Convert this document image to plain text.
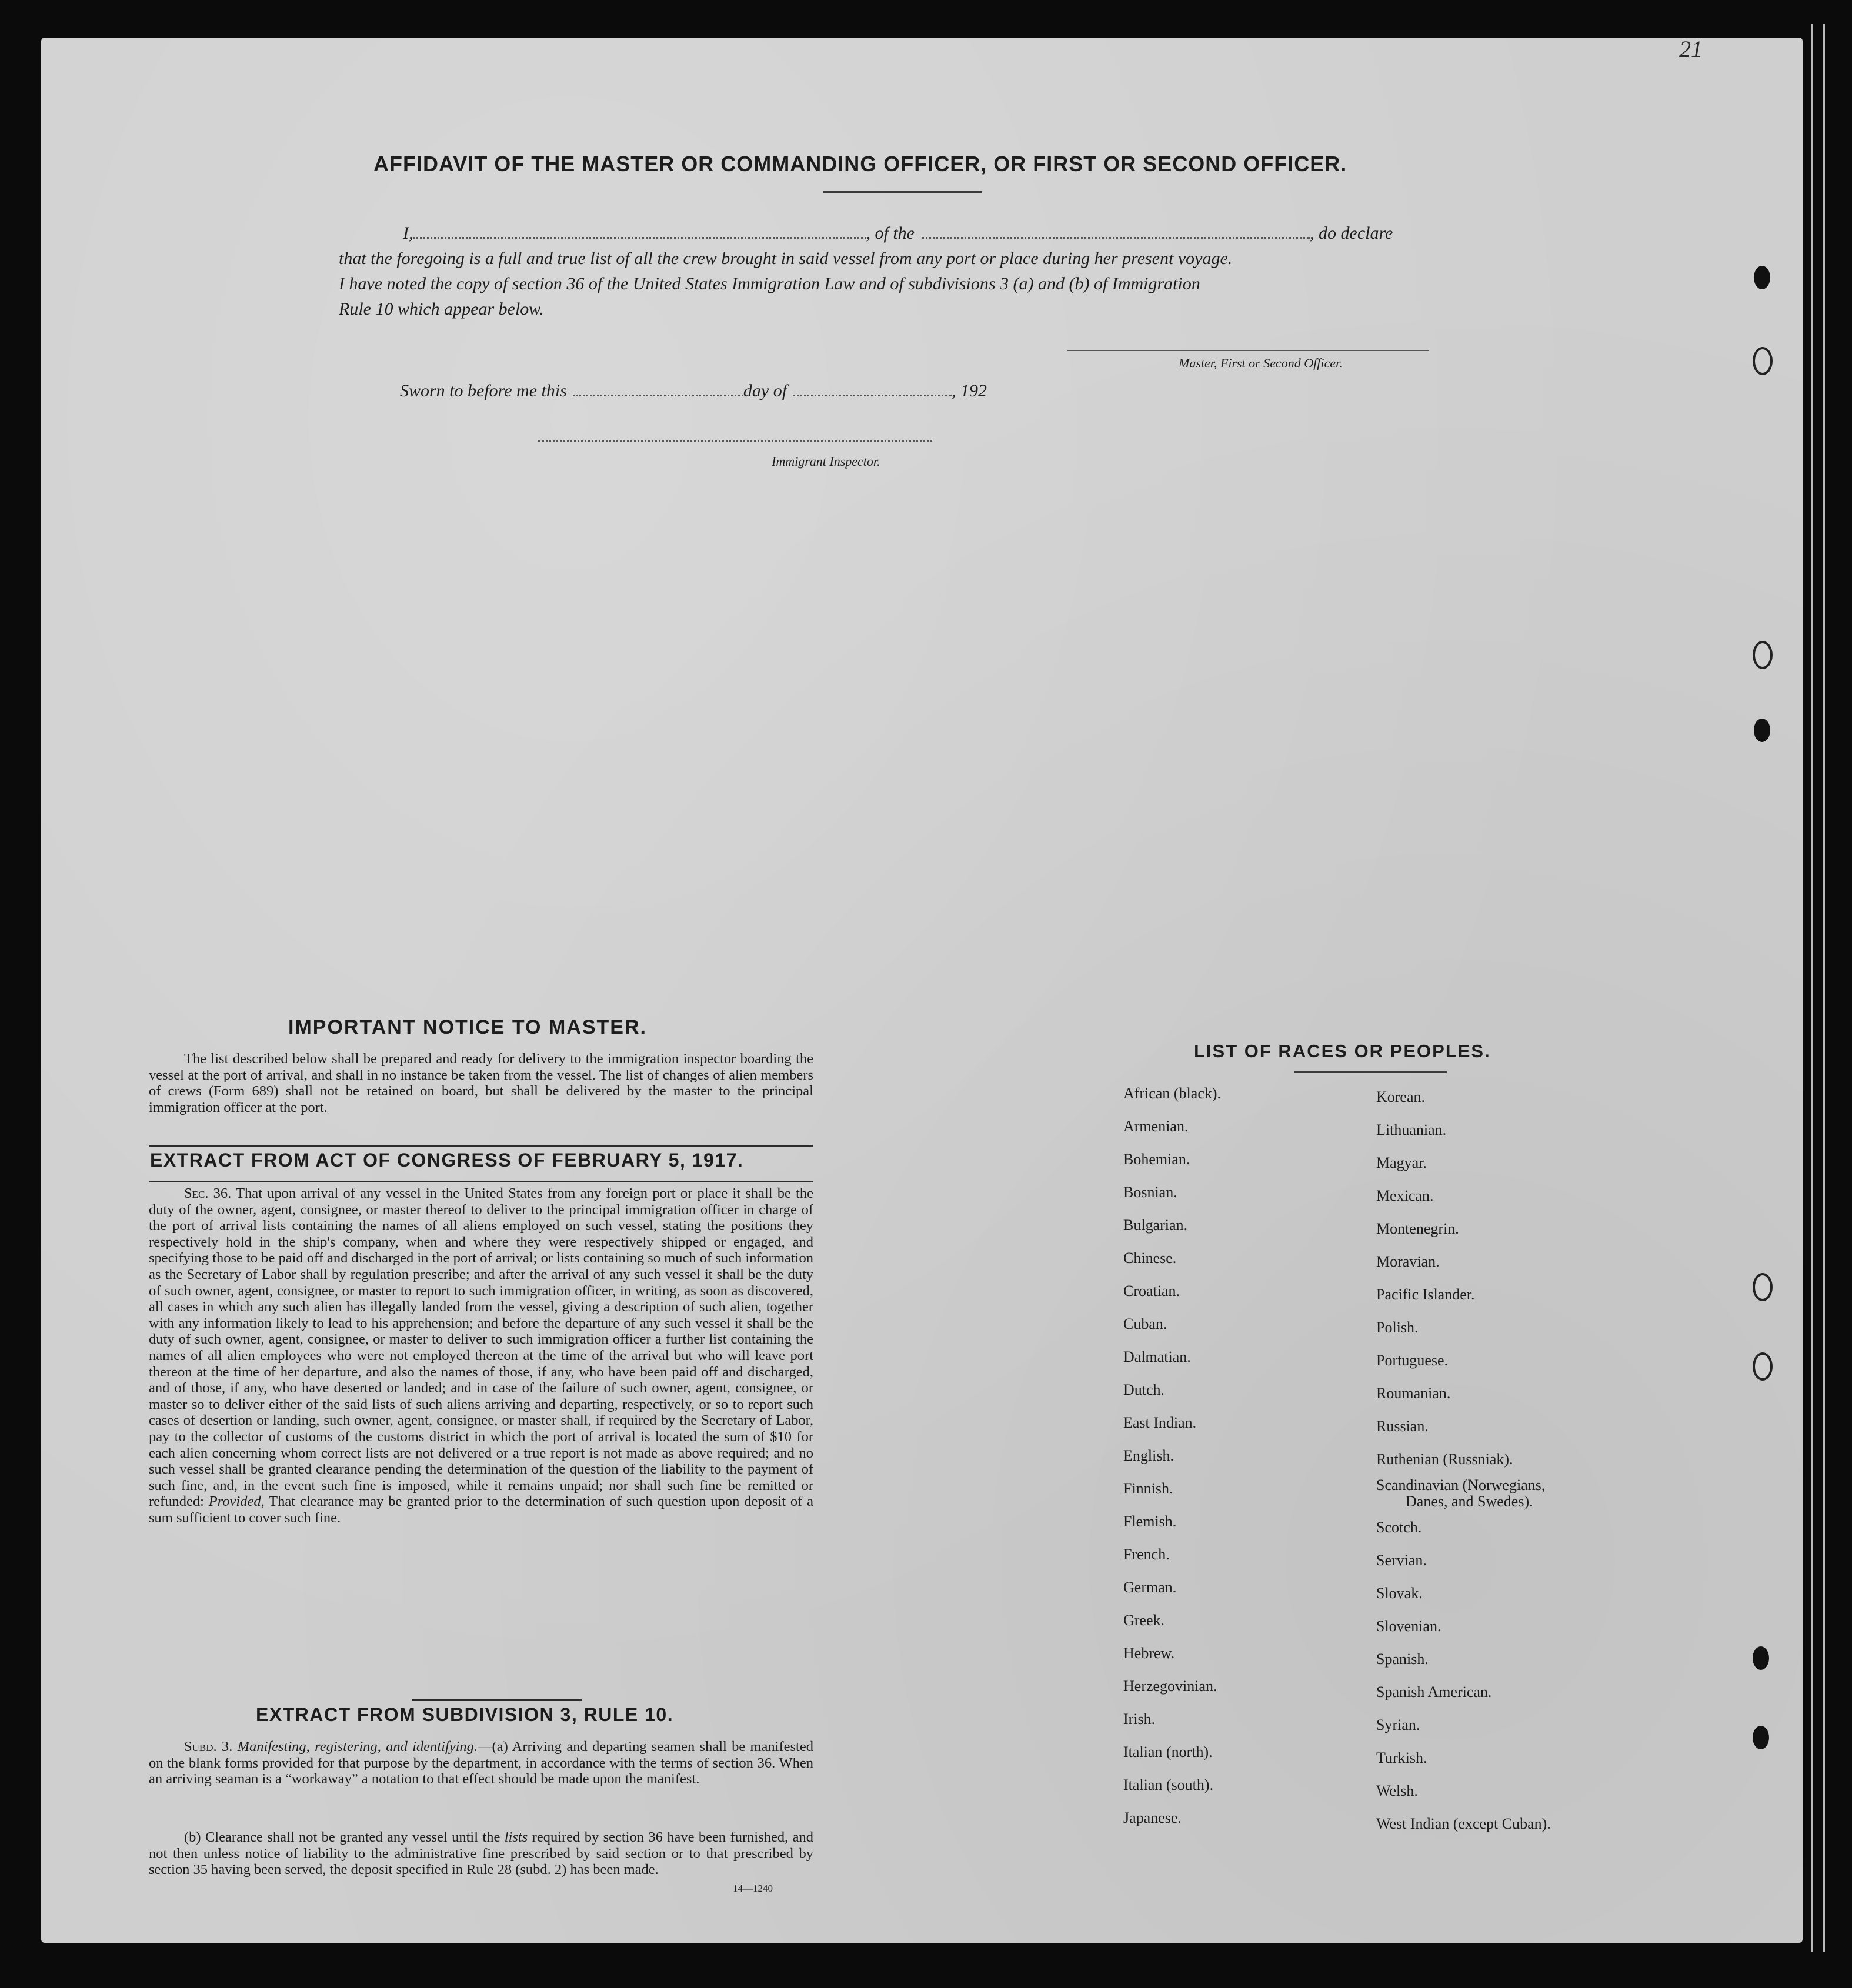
21
AFFIDAVIT OF THE MASTER OR COMMANDING OFFICER, OR FIRST OR SECOND OFFICER.
I,	, of the	, do declare
that the foregoing is a full and true list of all the crew brought in said vessel from any port or place during her present voyage.
I have noted the copy of section 36 of the United States Immigration Law and of subdivisions 3 (a) and (b) of Immigration
Rule 10 which appear below.
Master, First or Second Officer.
Sworn to before me this	day of	, 192
Immigrant Inspector.
IMPORTANT NOTICE TO MASTER.
The list described below shall be prepared and ready for delivery to the immigration inspector boarding the vessel at the port of arrival, and shall in no instance be taken from the vessel. The list of changes of alien members of crews (Form 689) shall not be retained on board, but shall be delivered by the master to the principal immigration officer at the port.
EXTRACT FROM ACT OF CONGRESS OF FEBRUARY 5, 1917.
Sec. 36. That upon arrival of any vessel in the United States from any foreign port or place it shall be the duty of the owner, agent, consignee, or master thereof to deliver to the principal immigration officer in charge of the port of arrival lists containing the names of all aliens employed on such vessel, stating the positions they respectively hold in the ship's company, when and where they were respectively shipped or engaged, and specifying those to be paid off and discharged in the port of arrival; or lists containing so much of such information as the Secretary of Labor shall by regulation prescribe; and after the arrival of any such vessel it shall be the duty of such owner, agent, consignee, or master to report to such immigration officer, in writing, as soon as discovered, all cases in which any such alien has illegally landed from the vessel, giving a description of such alien, together with any information likely to lead to his apprehension; and before the departure of any such vessel it shall be the duty of such owner, agent, consignee, or master to deliver to such immigration officer a further list containing the names of all alien employees who were not employed thereon at the time of the arrival but who will leave port thereon at the time of her departure, and also the names of those, if any, who have been paid off and discharged, and of those, if any, who have deserted or landed; and in case of the failure of such owner, agent, consignee, or master so to deliver either of the said lists of such aliens arriving and departing, respectively, or so to report such cases of desertion or landing, such owner, agent, consignee, or master shall, if required by the Secretary of Labor, pay to the collector of customs of the customs district in which the port of arrival is located the sum of $10 for each alien concerning whom correct lists are not delivered or a true report is not made as above required; and no such vessel shall be granted clearance pending the determination of the question of the liability to the payment of such fine, and, in the event such fine is imposed, while it remains unpaid; nor shall such fine be remitted or refunded: Provided, That clearance may be granted prior to the determination of such question upon deposit of a sum sufficient to cover such fine.
EXTRACT FROM SUBDIVISION 3, RULE 10.
Subd. 3. Manifesting, registering, and identifying.—(a) Arriving and departing seamen shall be manifested on the blank forms provided for that purpose by the department, in accordance with the terms of section 36. When an arriving seaman is a “workaway” a notation to that effect should be made upon the manifest.
(b) Clearance shall not be granted any vessel until the lists required by section 36 have been furnished, and not then unless notice of liability to the administrative fine prescribed by said section or to that prescribed by section 35 having been served, the deposit specified in Rule 28 (subd. 2) has been made.
14—1240
LIST OF RACES OR PEOPLES.
African (black).
Armenian.
Bohemian.
Bosnian.
Bulgarian.
Chinese.
Croatian.
Cuban.
Dalmatian.
Dutch.
East Indian.
English.
Finnish.
Flemish.
French.
German.
Greek.
Hebrew.
Herzegovinian.
Irish.
Italian (north).
Italian (south).
Japanese.
Korean.
Lithuanian.
Magyar.
Mexican.
Montenegrin.
Moravian.
Pacific Islander.
Polish.
Portuguese.
Roumanian.
Russian.
Ruthenian (Russniak).
Scandinavian (Norwegians,
Danes, and Swedes).
Scotch.
Servian.
Slovak.
Slovenian.
Spanish.
Spanish American.
Syrian.
Turkish.
Welsh.
West Indian (except Cuban).
